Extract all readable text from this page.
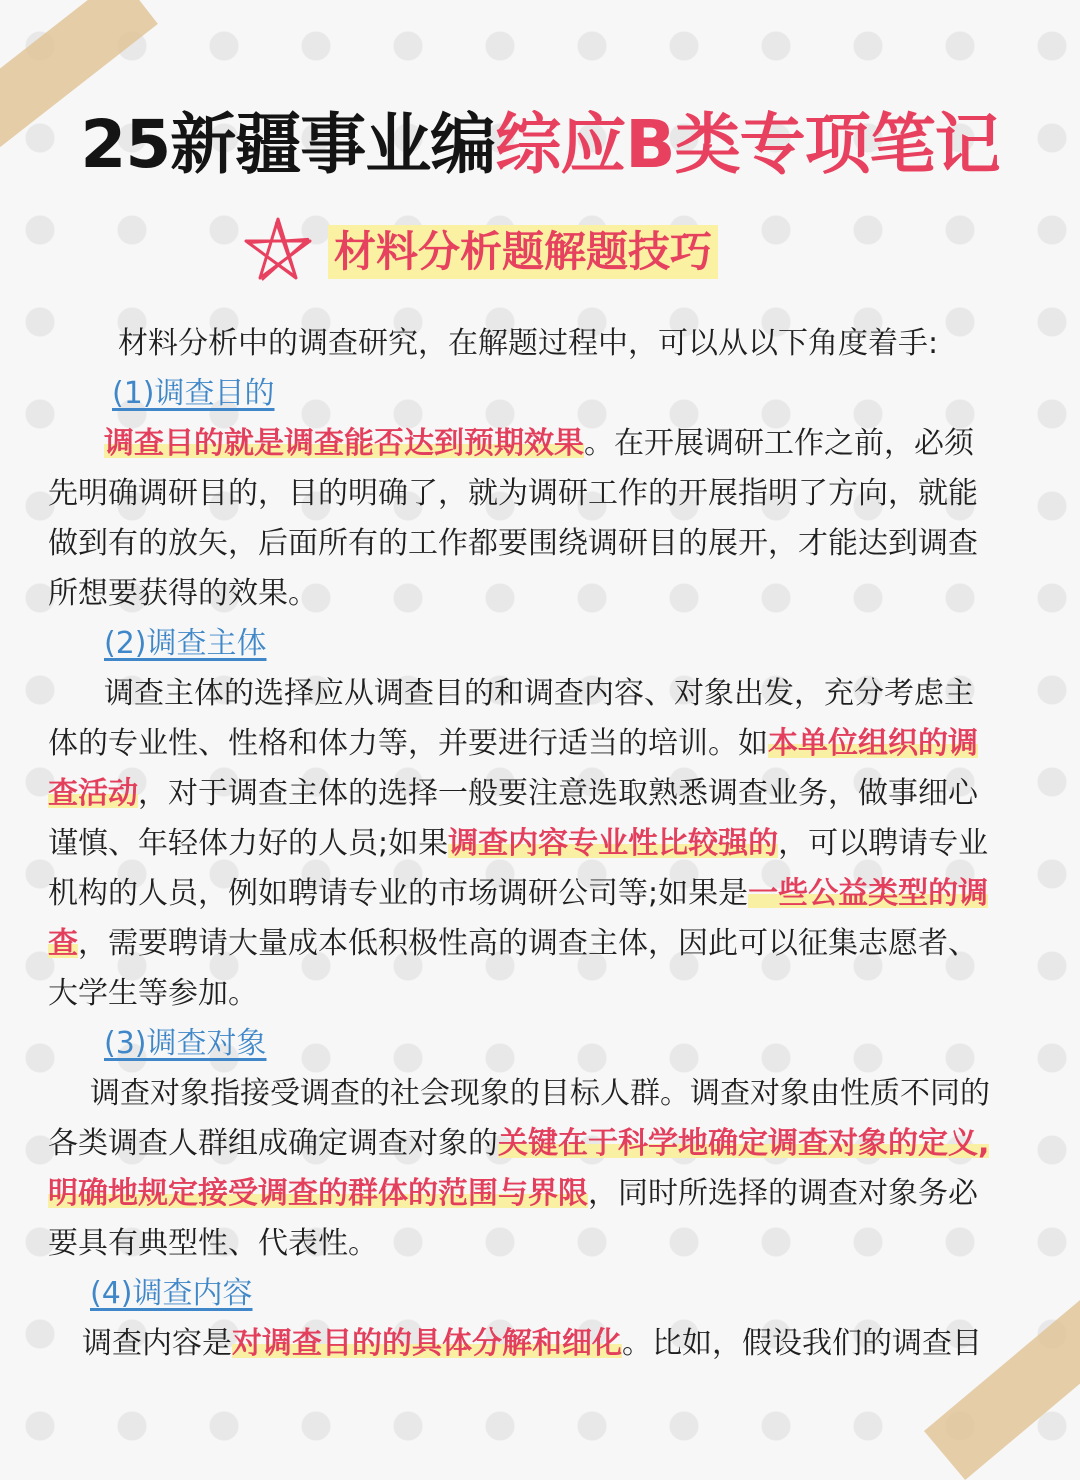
25新疆事业编综应B类专项笔记
材料分析题解题技巧

材料分析中的调查研究，在解题过程中，可以从以下角度着手:

(1)调查目的

调查目的就是调查能否达到预期效果。在开展调研工作之前，必须

先明确调研目的，目的明确了，就为调研工作的开展指明了方向，就能

做到有的放矢，后面所有的工作都要围绕调研目的展开，才能达到调查

所想要获得的效果。

(2)调查主体

调查主体的选择应从调查目的和调查内容、对象出发，充分考虑主

体的专业性、性格和体力等，并要进行适当的培训。如本单位组织的调

查活动，对于调查主体的选择一般要注意选取熟悉调查业务，做事细心

谨慎、年轻体力好的人员;如果调查内容专业性比较强的，可以聘请专业

机构的人员，例如聘请专业的市场调研公司等;如果是一些公益类型的调

查，需要聘请大量成本低积极性高的调查主体，因此可以征集志愿者、

大学生等参加。

(3)调查对象

调查对象指接受调查的社会现象的目标人群。调查对象由性质不同的

各类调查人群组成确定调查对象的关键在于科学地确定调查对象的定义,

明确地规定接受调查的群体的范围与界限，同时所选择的调查对象务必

要具有典型性、代表性。

(4)调查内容

调查内容是对调查目的的具体分解和细化。比如，假设我们的调查目
